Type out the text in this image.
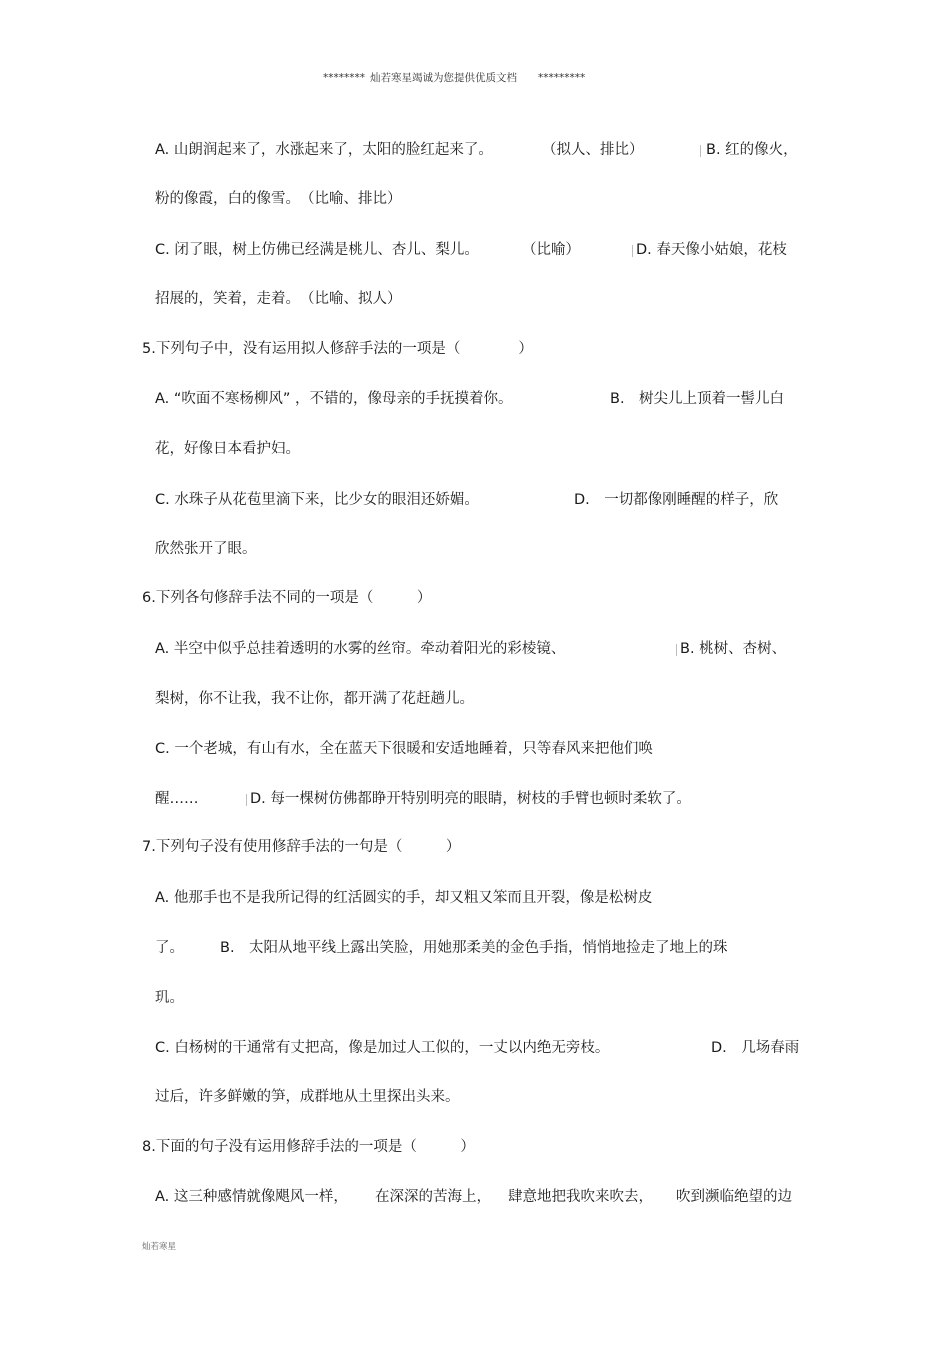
******** 灿若寒星竭诚为您提供优质文档 *********
A. 山朗润起来了，水涨起来了，太阳的脸红起来了。	（拟人、排比）	B. 红的像火，
粉的像霞，白的像雪。　（比喻、排比）
C. 闭了眼，树上仿佛已经满是桃儿、杏儿、梨儿。	（比喻）	D. 春天像小姑娘，花枝
招展的，笑着，走着。　（比喻、拟人）
5.下列句子中，没有运用拟人修辞手法的一项是（　　　　）
A. “吹面不寒杨柳风” ，不错的，像母亲的手抚摸着你。	B.　树尖儿上顶着一髻儿白
花，好像日本看护妇。
C. 水珠子从花苞里滴下来，比少女的眼泪还娇媚。	D.　一切都像刚睡醒的样子，欣
欣然张开了眼。
6.下列各句修辞手法不同的一项是（　　　）
A. 半空中似乎总挂着透明的水雾的丝帘。牵动着阳光的彩棱镜、	B. 桃树、杏树、
梨树，你不让我，我不让你，都开满了花赶趟儿。
C. 一个老城，有山有水，全在蓝天下很暖和安适地睡着，只等春风来把他们唤
醒……	D. 每一棵树仿佛都睁开特别明亮的眼睛，树枝的手臂也顿时柔软了。
7.下列句子没有使用修辞手法的一句是（　　　）
A. 他那手也不是我所记得的红活圆实的手，却又粗又笨而且开裂，像是松树皮
了。 B.　太阳从地平线上露出笑脸，用她那柔美的金色手指，悄悄地捡走了地上的珠
玑。
C. 白杨树的干通常有丈把高，像是加过人工似的，一丈以内绝无旁枝。	D.　几场春雨
过后，许多鲜嫩的笋，成群地从土里探出头来。
8.下面的句子没有运用修辞手法的一项是（　　　）
A. 这三种感情就像飓风一样， 在深深的苦海上， 肆意地把我吹来吹去， 吹到濒临绝望的边
灿若寒星
